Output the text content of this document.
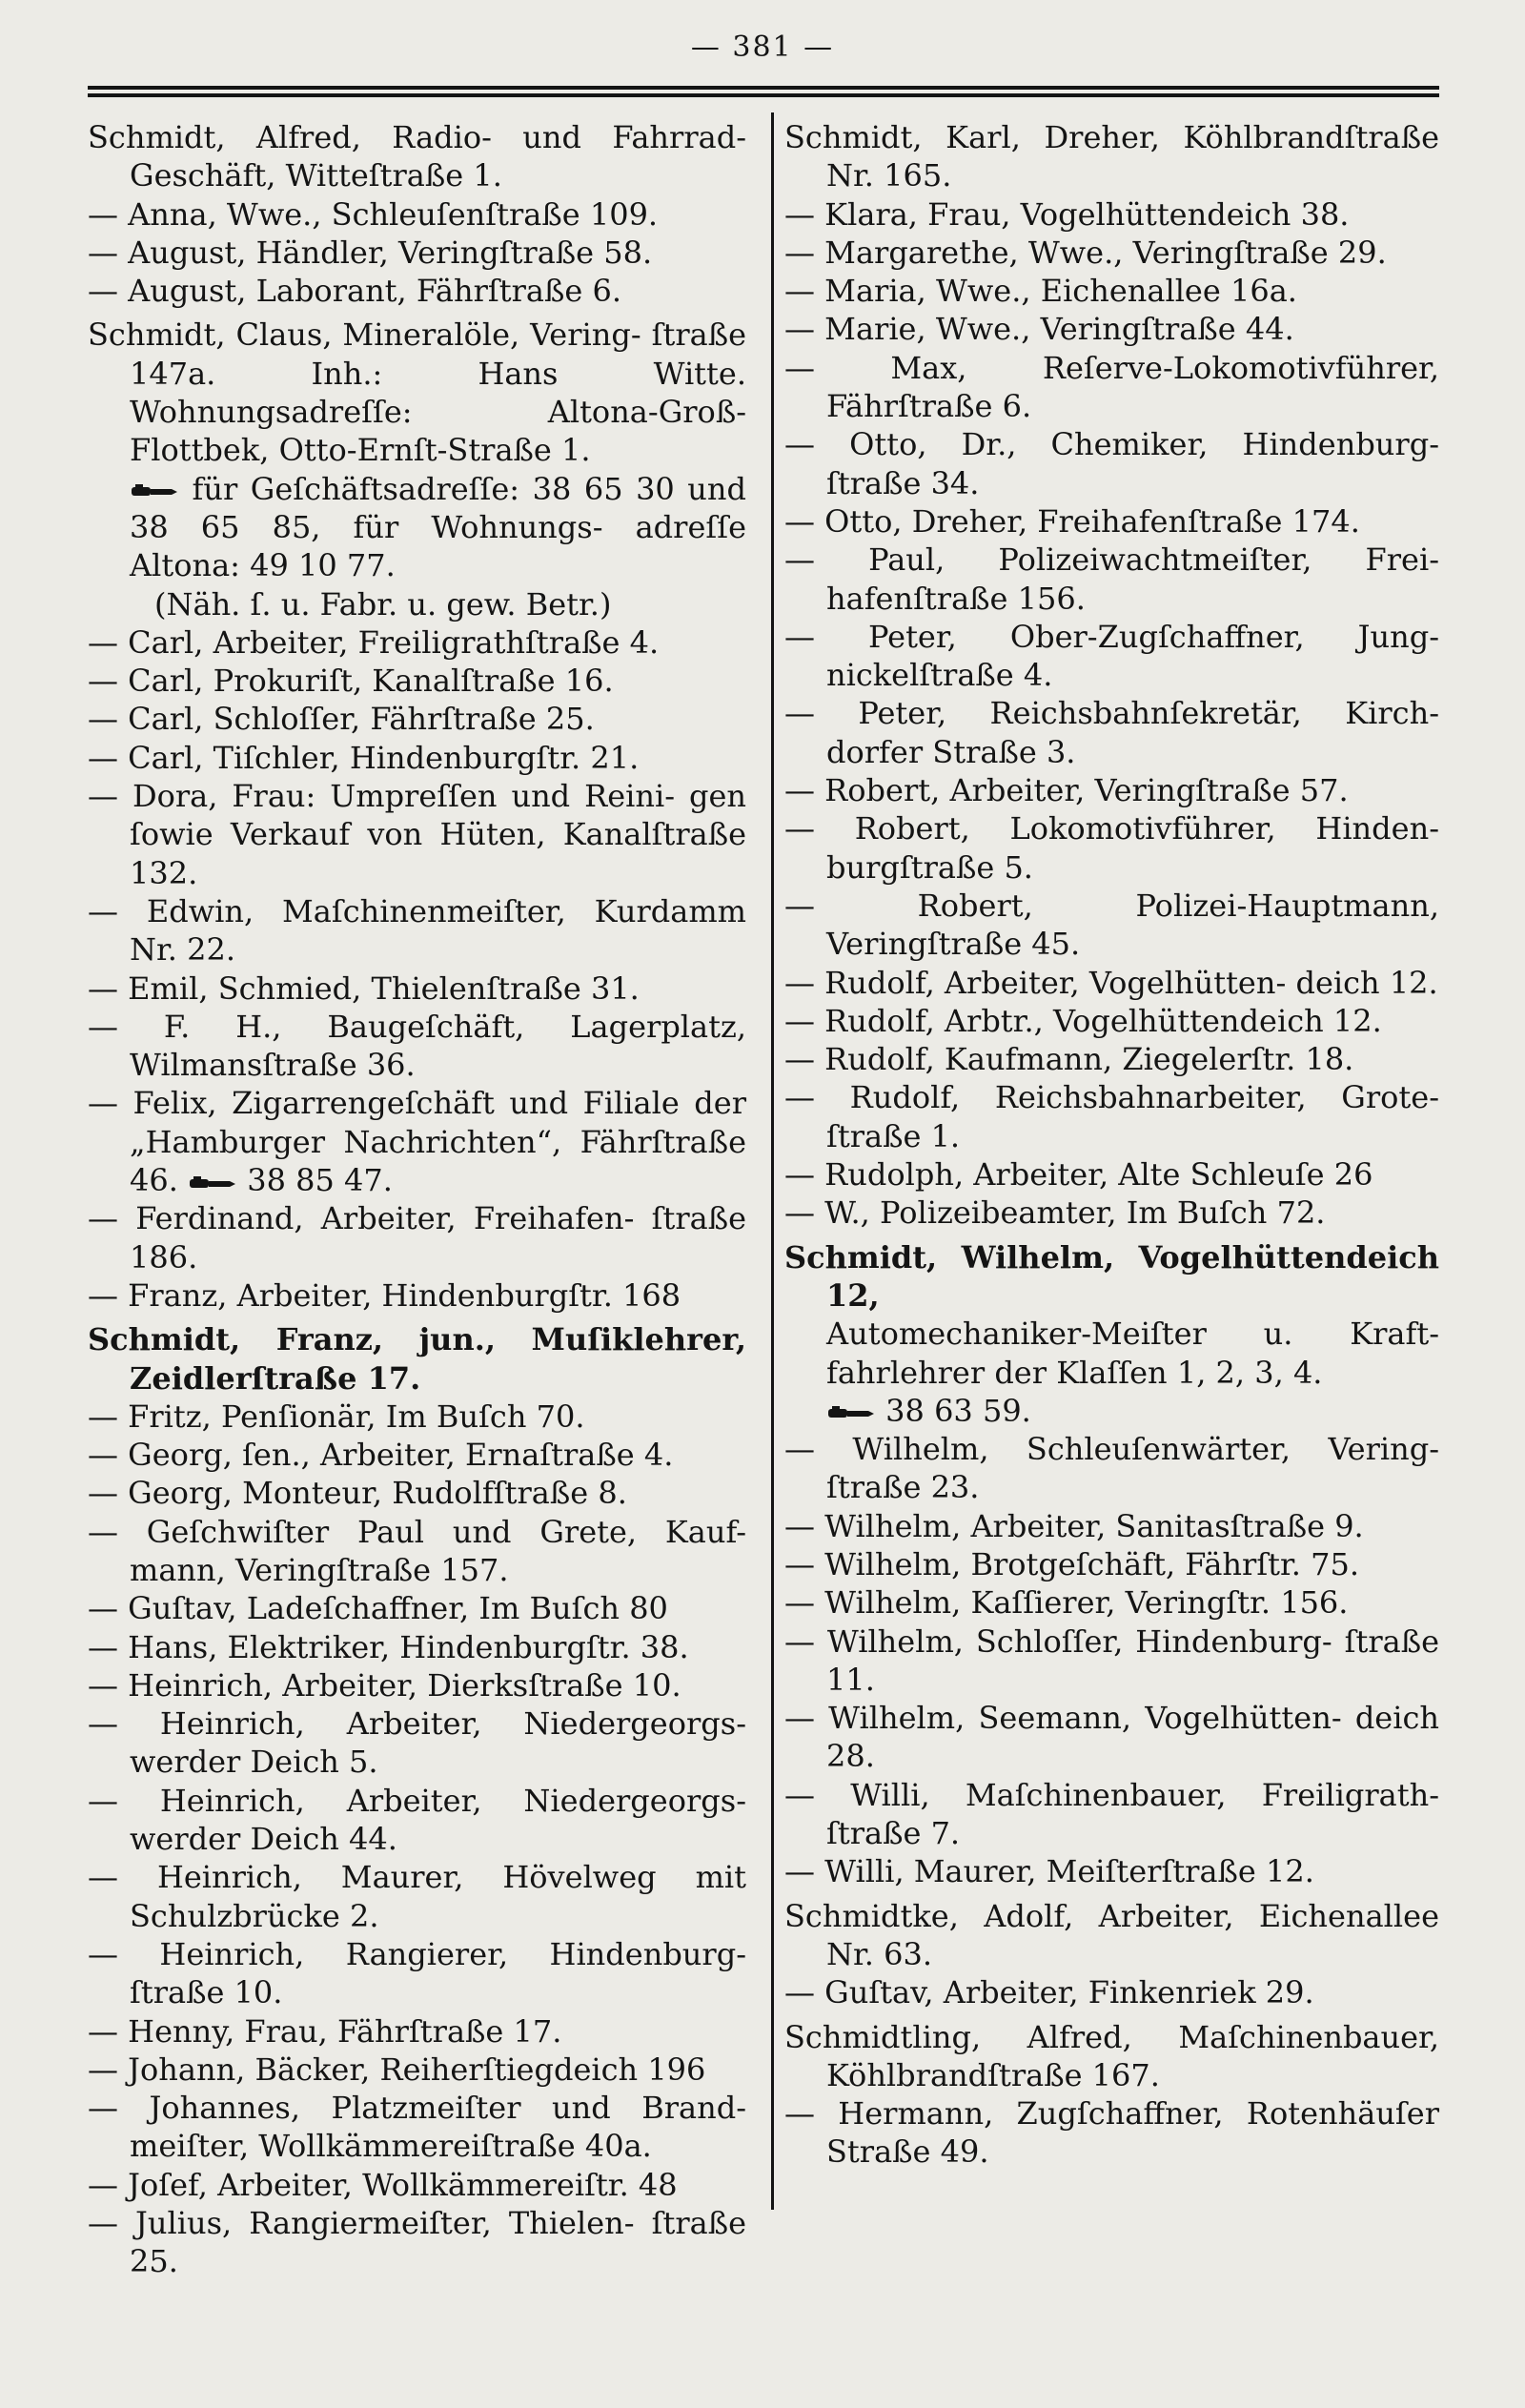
— 381 —
Schmidt, Alfred, Radio- und Fahrrad- Geschäft, Witteſtraße 1.
— Anna, Wwe., Schleuſenſtraße 109.
— August, Händler, Veringſtraße 58.
— August, Laborant, Fährſtraße 6.
Schmidt, Claus, Mineralöle, Vering- ſtraße 147a. Inh.: Hans Witte. Wohnungsadreſſe: Altona-Groß- Flottbek, Otto-Ernſt-Straße 1.
für Geſchäftsadreſſe: 38 65 30 und 38 65 85, für Wohnungs- adreſſe Altona: 49 10 77.
(Näh. ſ. u. Fabr. u. gew. Betr.)
— Carl, Arbeiter, Freiligrathſtraße 4.
— Carl, Prokuriſt, Kanalſtraße 16.
— Carl, Schloſſer, Fährſtraße 25.
— Carl, Tiſchler, Hindenburgſtr. 21.
— Dora, Frau: Umpreſſen und Reini- gen ſowie Verkauf von Hüten, Kanalſtraße 132.
— Edwin, Maſchinenmeiſter, Kurdamm Nr. 22.
— Emil, Schmied, Thielenſtraße 31.
— F. H., Baugeſchäft, Lagerplatz, Wilmansſtraße 36.
— Felix, Zigarrengeſchäft und Filiale der „Hamburger Nachrichten“, Fährſtraße 46. 38 85 47.
— Ferdinand, Arbeiter, Freihafen- ſtraße 186.
— Franz, Arbeiter, Hindenburgſtr. 168
Schmidt, Franz, jun., Muſiklehrer, Zeidlerſtraße 17.
— Fritz, Penſionär, Im Buſch 70.
— Georg, ſen., Arbeiter, Ernaſtraße 4.
— Georg, Monteur, Rudolfſtraße 8.
— Geſchwiſter Paul und Grete, Kauf- mann, Veringſtraße 157.
— Guſtav, Ladeſchaffner, Im Buſch 80
— Hans, Elektriker, Hindenburgſtr. 38.
— Heinrich, Arbeiter, Dierksſtraße 10.
— Heinrich, Arbeiter, Niedergeorgs- werder Deich 5.
— Heinrich, Arbeiter, Niedergeorgs- werder Deich 44.
— Heinrich, Maurer, Hövelweg mit Schulzbrücke 2.
— Heinrich, Rangierer, Hindenburg- ſtraße 10.
— Henny, Frau, Fährſtraße 17.
— Johann, Bäcker, Reiherſtiegdeich 196
— Johannes, Platzmeiſter und Brand- meiſter, Wollkämmereiſtraße 40a.
— Joſef, Arbeiter, Wollkämmereiſtr. 48
— Julius, Rangiermeiſter, Thielen- ſtraße 25.
Schmidt, Karl, Dreher, Köhlbrandſtraße Nr. 165.
— Klara, Frau, Vogelhüttendeich 38.
— Margarethe, Wwe., Veringſtraße 29.
— Maria, Wwe., Eichenallee 16a.
— Marie, Wwe., Veringſtraße 44.
— Max, Reſerve-Lokomotivführer, Fährſtraße 6.
— Otto, Dr., Chemiker, Hindenburg- ſtraße 34.
— Otto, Dreher, Freihafenſtraße 174.
— Paul, Polizeiwachtmeiſter, Frei- hafenſtraße 156.
— Peter, Ober-Zugſchaffner, Jung- nickelſtraße 4.
— Peter, Reichsbahnſekretär, Kirch- dorfer Straße 3.
— Robert, Arbeiter, Veringſtraße 57.
— Robert, Lokomotivführer, Hinden- burgſtraße 5.
— Robert, Polizei-Hauptmann, Veringſtraße 45.
— Rudolf, Arbeiter, Vogelhütten- deich 12.
— Rudolf, Arbtr., Vogelhüttendeich 12.
— Rudolf, Kaufmann, Ziegelerſtr. 18.
— Rudolf, Reichsbahnarbeiter, Grote- ſtraße 1.
— Rudolph, Arbeiter, Alte Schleuſe 26
— W., Polizeibeamter, Im Buſch 72.
Schmidt, Wilhelm, Vogelhüttendeich 12,
Automechaniker-Meiſter u. Kraft- fahrlehrer der Klaſſen 1, 2, 3, 4.
38 63 59.
— Wilhelm, Schleuſenwärter, Vering- ſtraße 23.
— Wilhelm, Arbeiter, Sanitasſtraße 9.
— Wilhelm, Brotgeſchäft, Fährſtr. 75.
— Wilhelm, Kaſſierer, Veringſtr. 156.
— Wilhelm, Schloſſer, Hindenburg- ſtraße 11.
— Wilhelm, Seemann, Vogelhütten- deich 28.
— Willi, Maſchinenbauer, Freiligrath- ſtraße 7.
— Willi, Maurer, Meiſterſtraße 12.
Schmidtke, Adolf, Arbeiter, Eichenallee Nr. 63.
— Guſtav, Arbeiter, Finkenriek 29.
Schmidtling, Alfred, Maſchinenbauer, Köhlbrandſtraße 167.
— Hermann, Zugſchaffner, Rotenhäuſer Straße 49.
